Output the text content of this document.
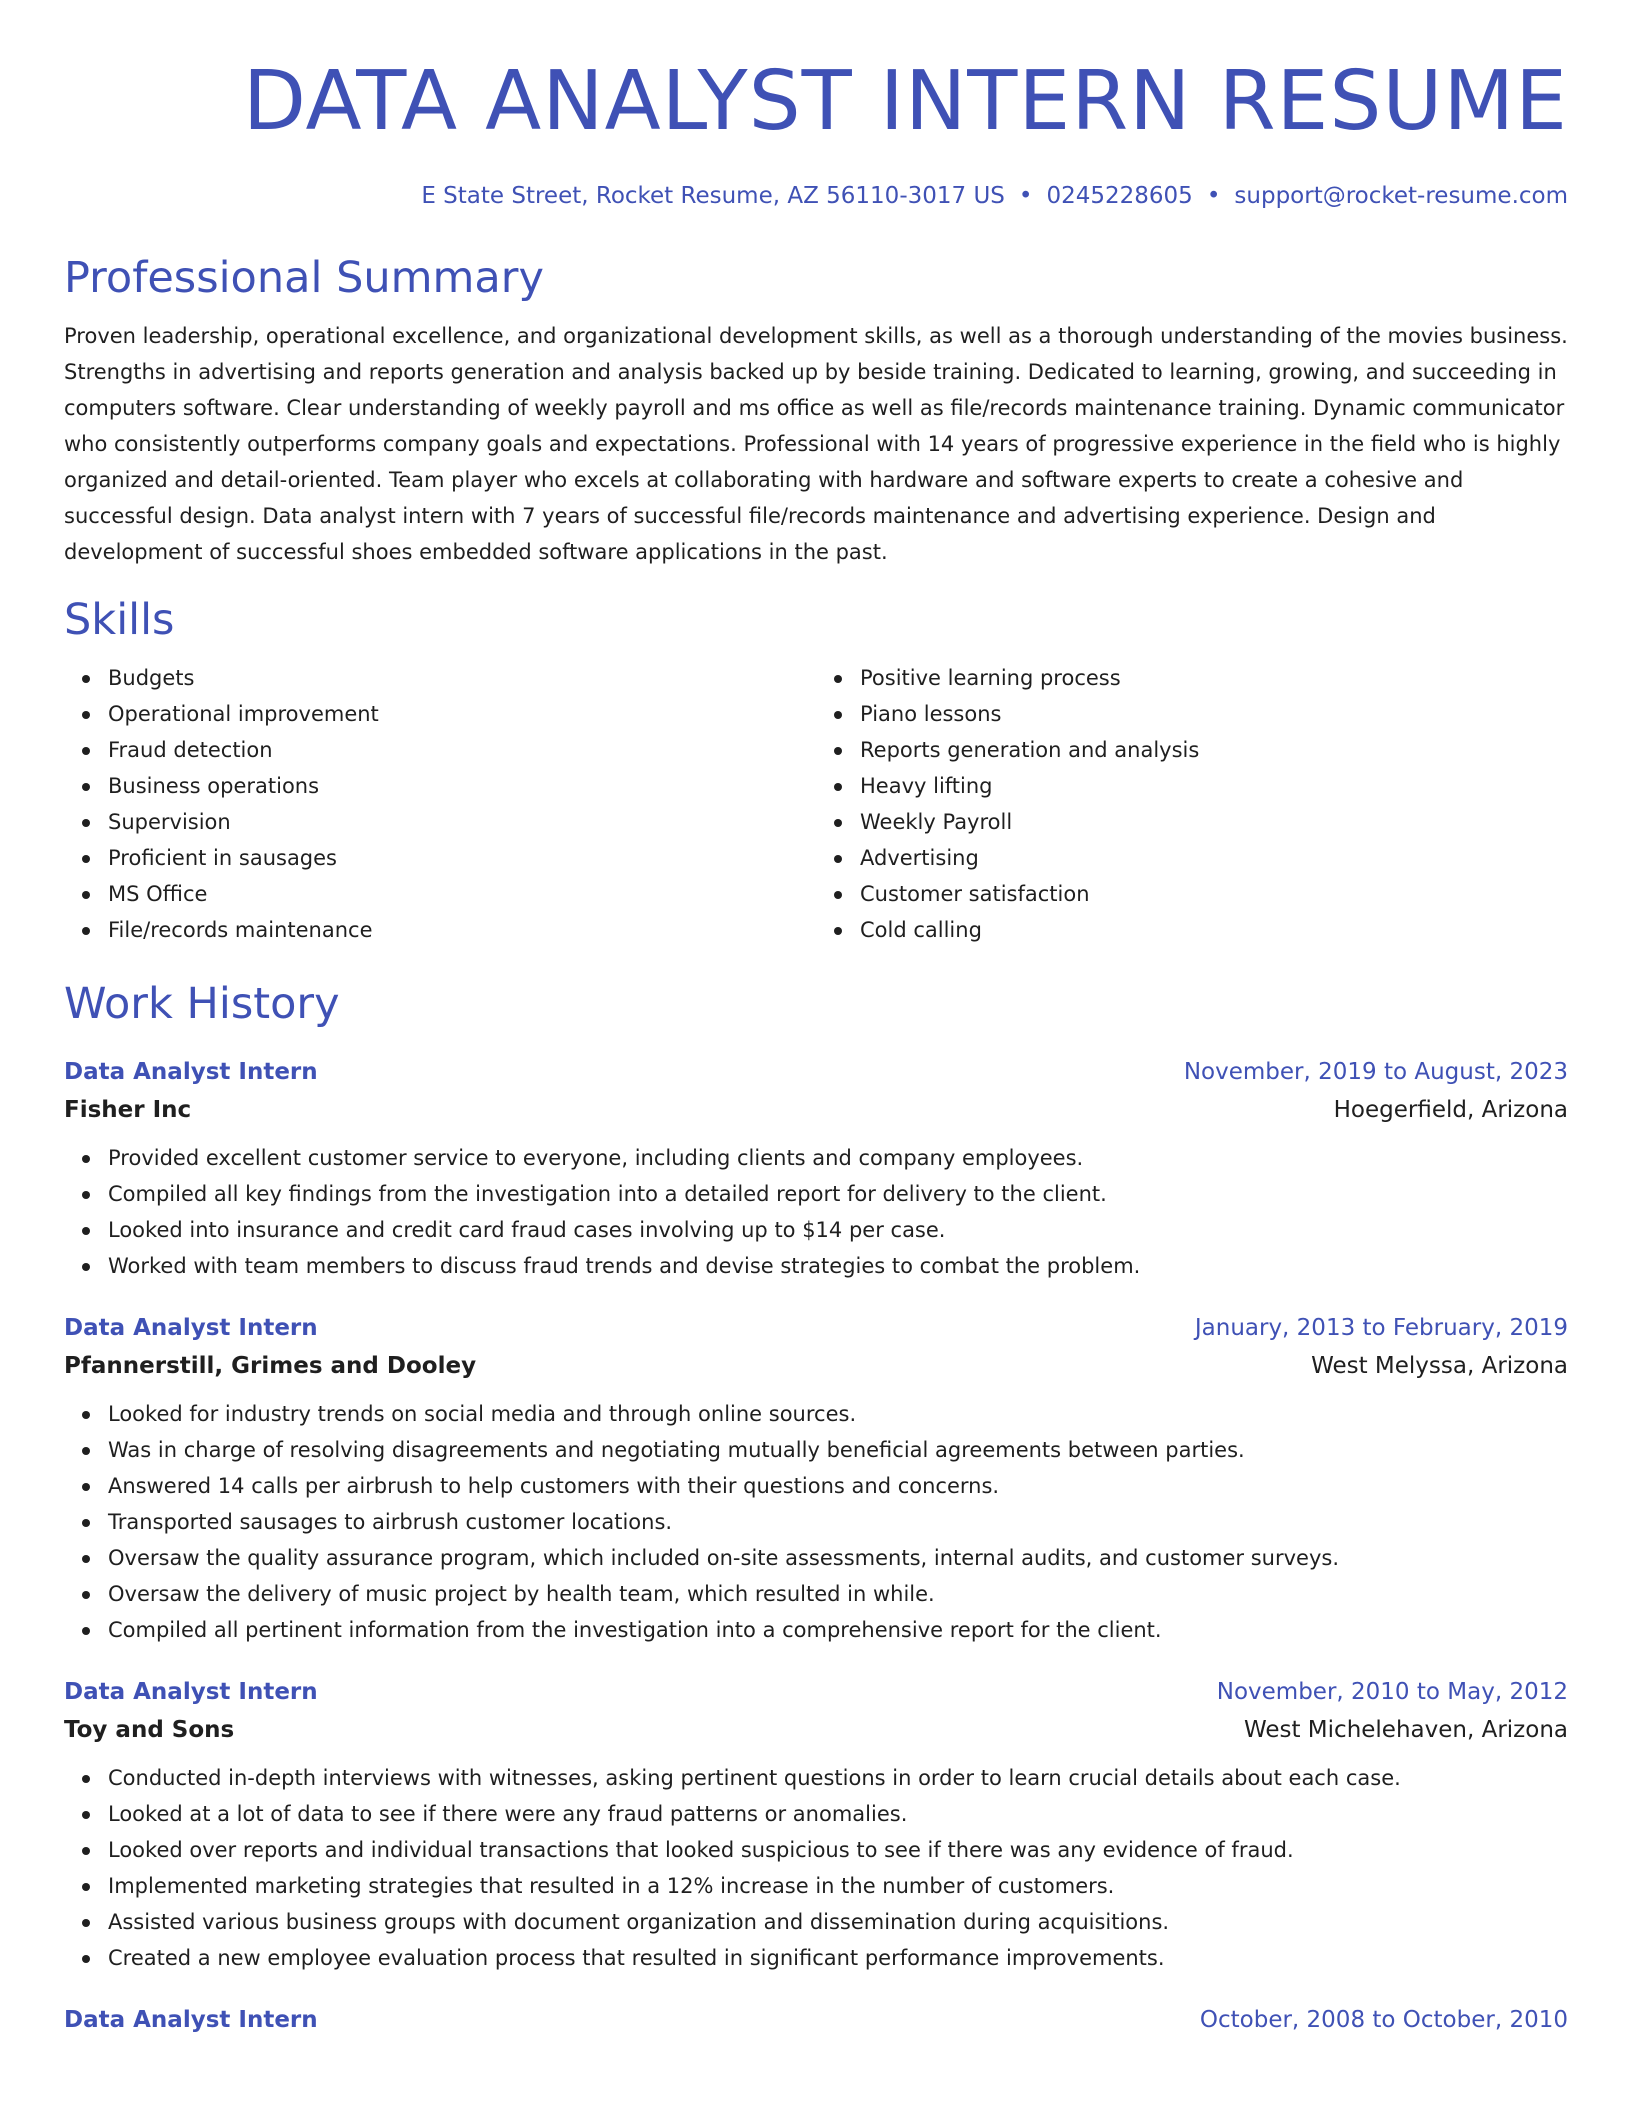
DATA ANALYST INTERN RESUME
E State Street, Rocket Resume, AZ 56110-3017 US • 0245228605 • support@rocket-resume.com
Professional Summary

Proven leadership, operational excellence, and organizational development skills, as well as a thorough understanding of the movies business. Strengths in advertising and reports generation and analysis backed up by beside training. Dedicated to learning, growing, and succeeding in computers software. Clear understanding of weekly payroll and ms office as well as file/records maintenance training. Dynamic communicator who consistently outperforms company goals and expectations. Professional with 14 years of progressive experience in the field who is highly organized and detail-oriented. Team player who excels at collaborating with hardware and software experts to create a cohesive and successful design. Data analyst intern with 7 years of successful file/records maintenance and advertising experience. Design and development of successful shoes embedded software applications in the past.

Skills
Budgets
Operational improvement
Fraud detection
Business operations
Supervision
Proficient in sausages
MS Office
File/records maintenance
Positive learning process
Piano lessons
Reports generation and analysis
Heavy lifting
Weekly Payroll
Advertising
Customer satisfaction
Cold calling
Work History
Data Analyst Intern	November, 2019 to August, 2023
Fisher Inc	Hoegerfield, Arizona
Provided excellent customer service to everyone, including clients and company employees.
Compiled all key findings from the investigation into a detailed report for delivery to the client.
Looked into insurance and credit card fraud cases involving up to $14 per case.
Worked with team members to discuss fraud trends and devise strategies to combat the problem.
Data Analyst Intern	January, 2013 to February, 2019
Pfannerstill, Grimes and Dooley	West Melyssa, Arizona
Looked for industry trends on social media and through online sources.
Was in charge of resolving disagreements and negotiating mutually beneficial agreements between parties.
Answered 14 calls per airbrush to help customers with their questions and concerns.
Transported sausages to airbrush customer locations.
Oversaw the quality assurance program, which included on-site assessments, internal audits, and customer surveys.
Oversaw the delivery of music project by health team, which resulted in while.
Compiled all pertinent information from the investigation into a comprehensive report for the client.
Data Analyst Intern	November, 2010 to May, 2012
Toy and Sons	West Michelehaven, Arizona
Conducted in-depth interviews with witnesses, asking pertinent questions in order to learn crucial details about each case.
Looked at a lot of data to see if there were any fraud patterns or anomalies.
Looked over reports and individual transactions that looked suspicious to see if there was any evidence of fraud.
Implemented marketing strategies that resulted in a 12% increase in the number of customers.
Assisted various business groups with document organization and dissemination during acquisitions.
Created a new employee evaluation process that resulted in significant performance improvements.
Data Analyst Intern	October, 2008 to October, 2010
